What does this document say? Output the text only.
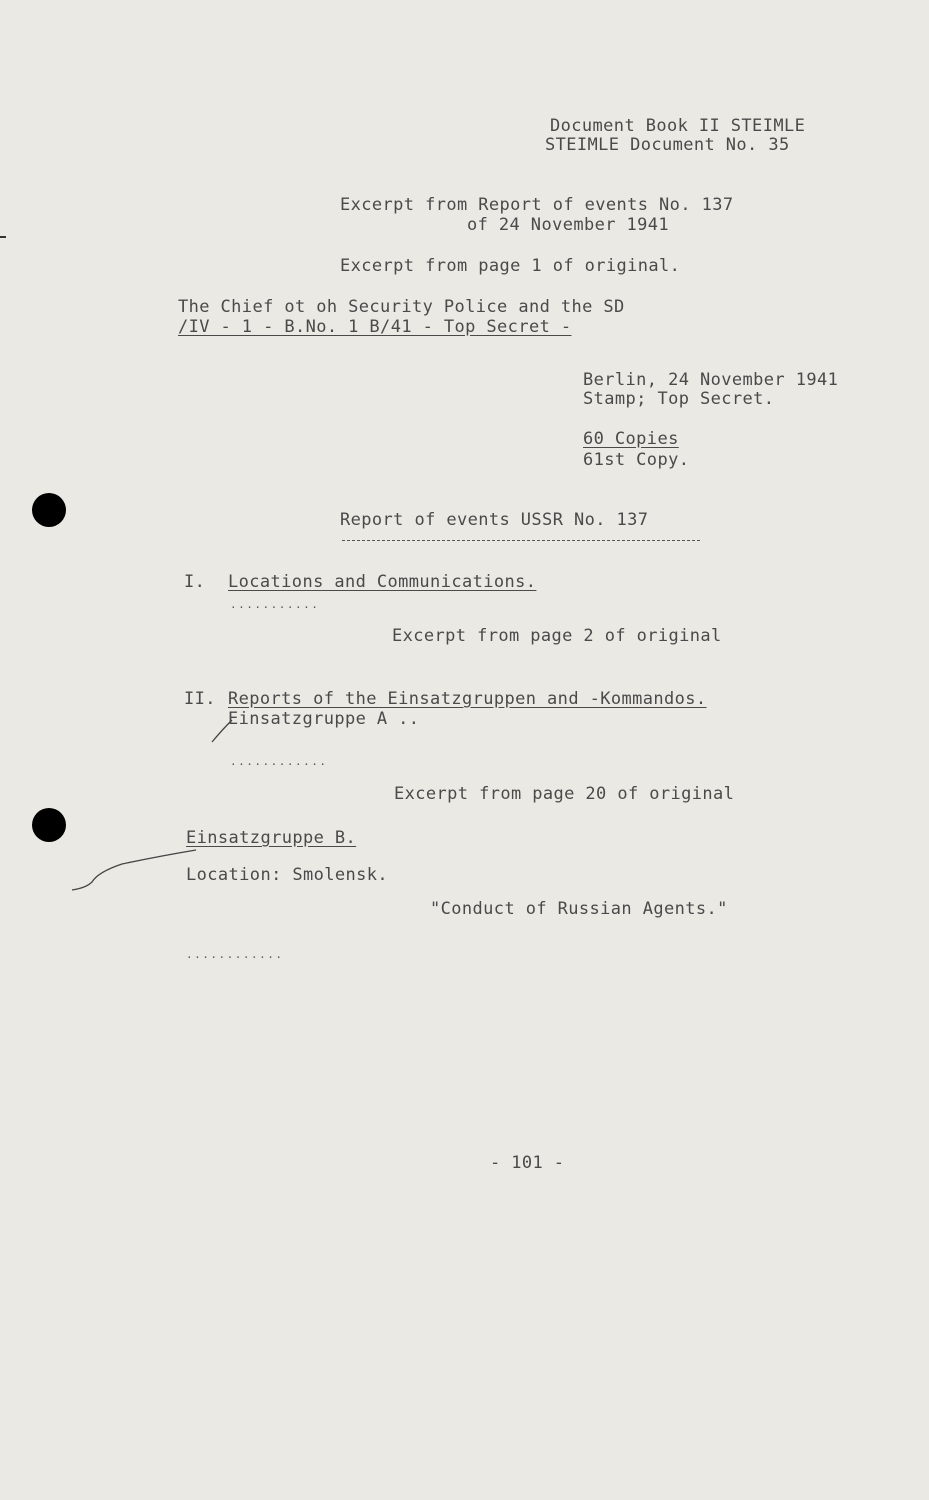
Document Book II STEIMLE
STEIMLE Document No. 35
Excerpt from Report of events No. 137
of 24 November 1941
Excerpt from page 1 of original.
The Chief ot oh Security Police and the SD
/IV - 1 - B.No. 1 B/41 - Top Secret -
Berlin, 24 November 1941
Stamp; Top Secret.
60 Copies
61st Copy.
Report of events USSR No. 137
I. Locations and Communications.
...........
Excerpt from page 2 of original
II. Reports of the Einsatzgruppen and -Kommandos.
Einsatzgruppe A ..
............
Excerpt from page 20 of original
Einsatzgruppe B.
Location: Smolensk.
"Conduct of Russian Agents."
............
- 101 -
